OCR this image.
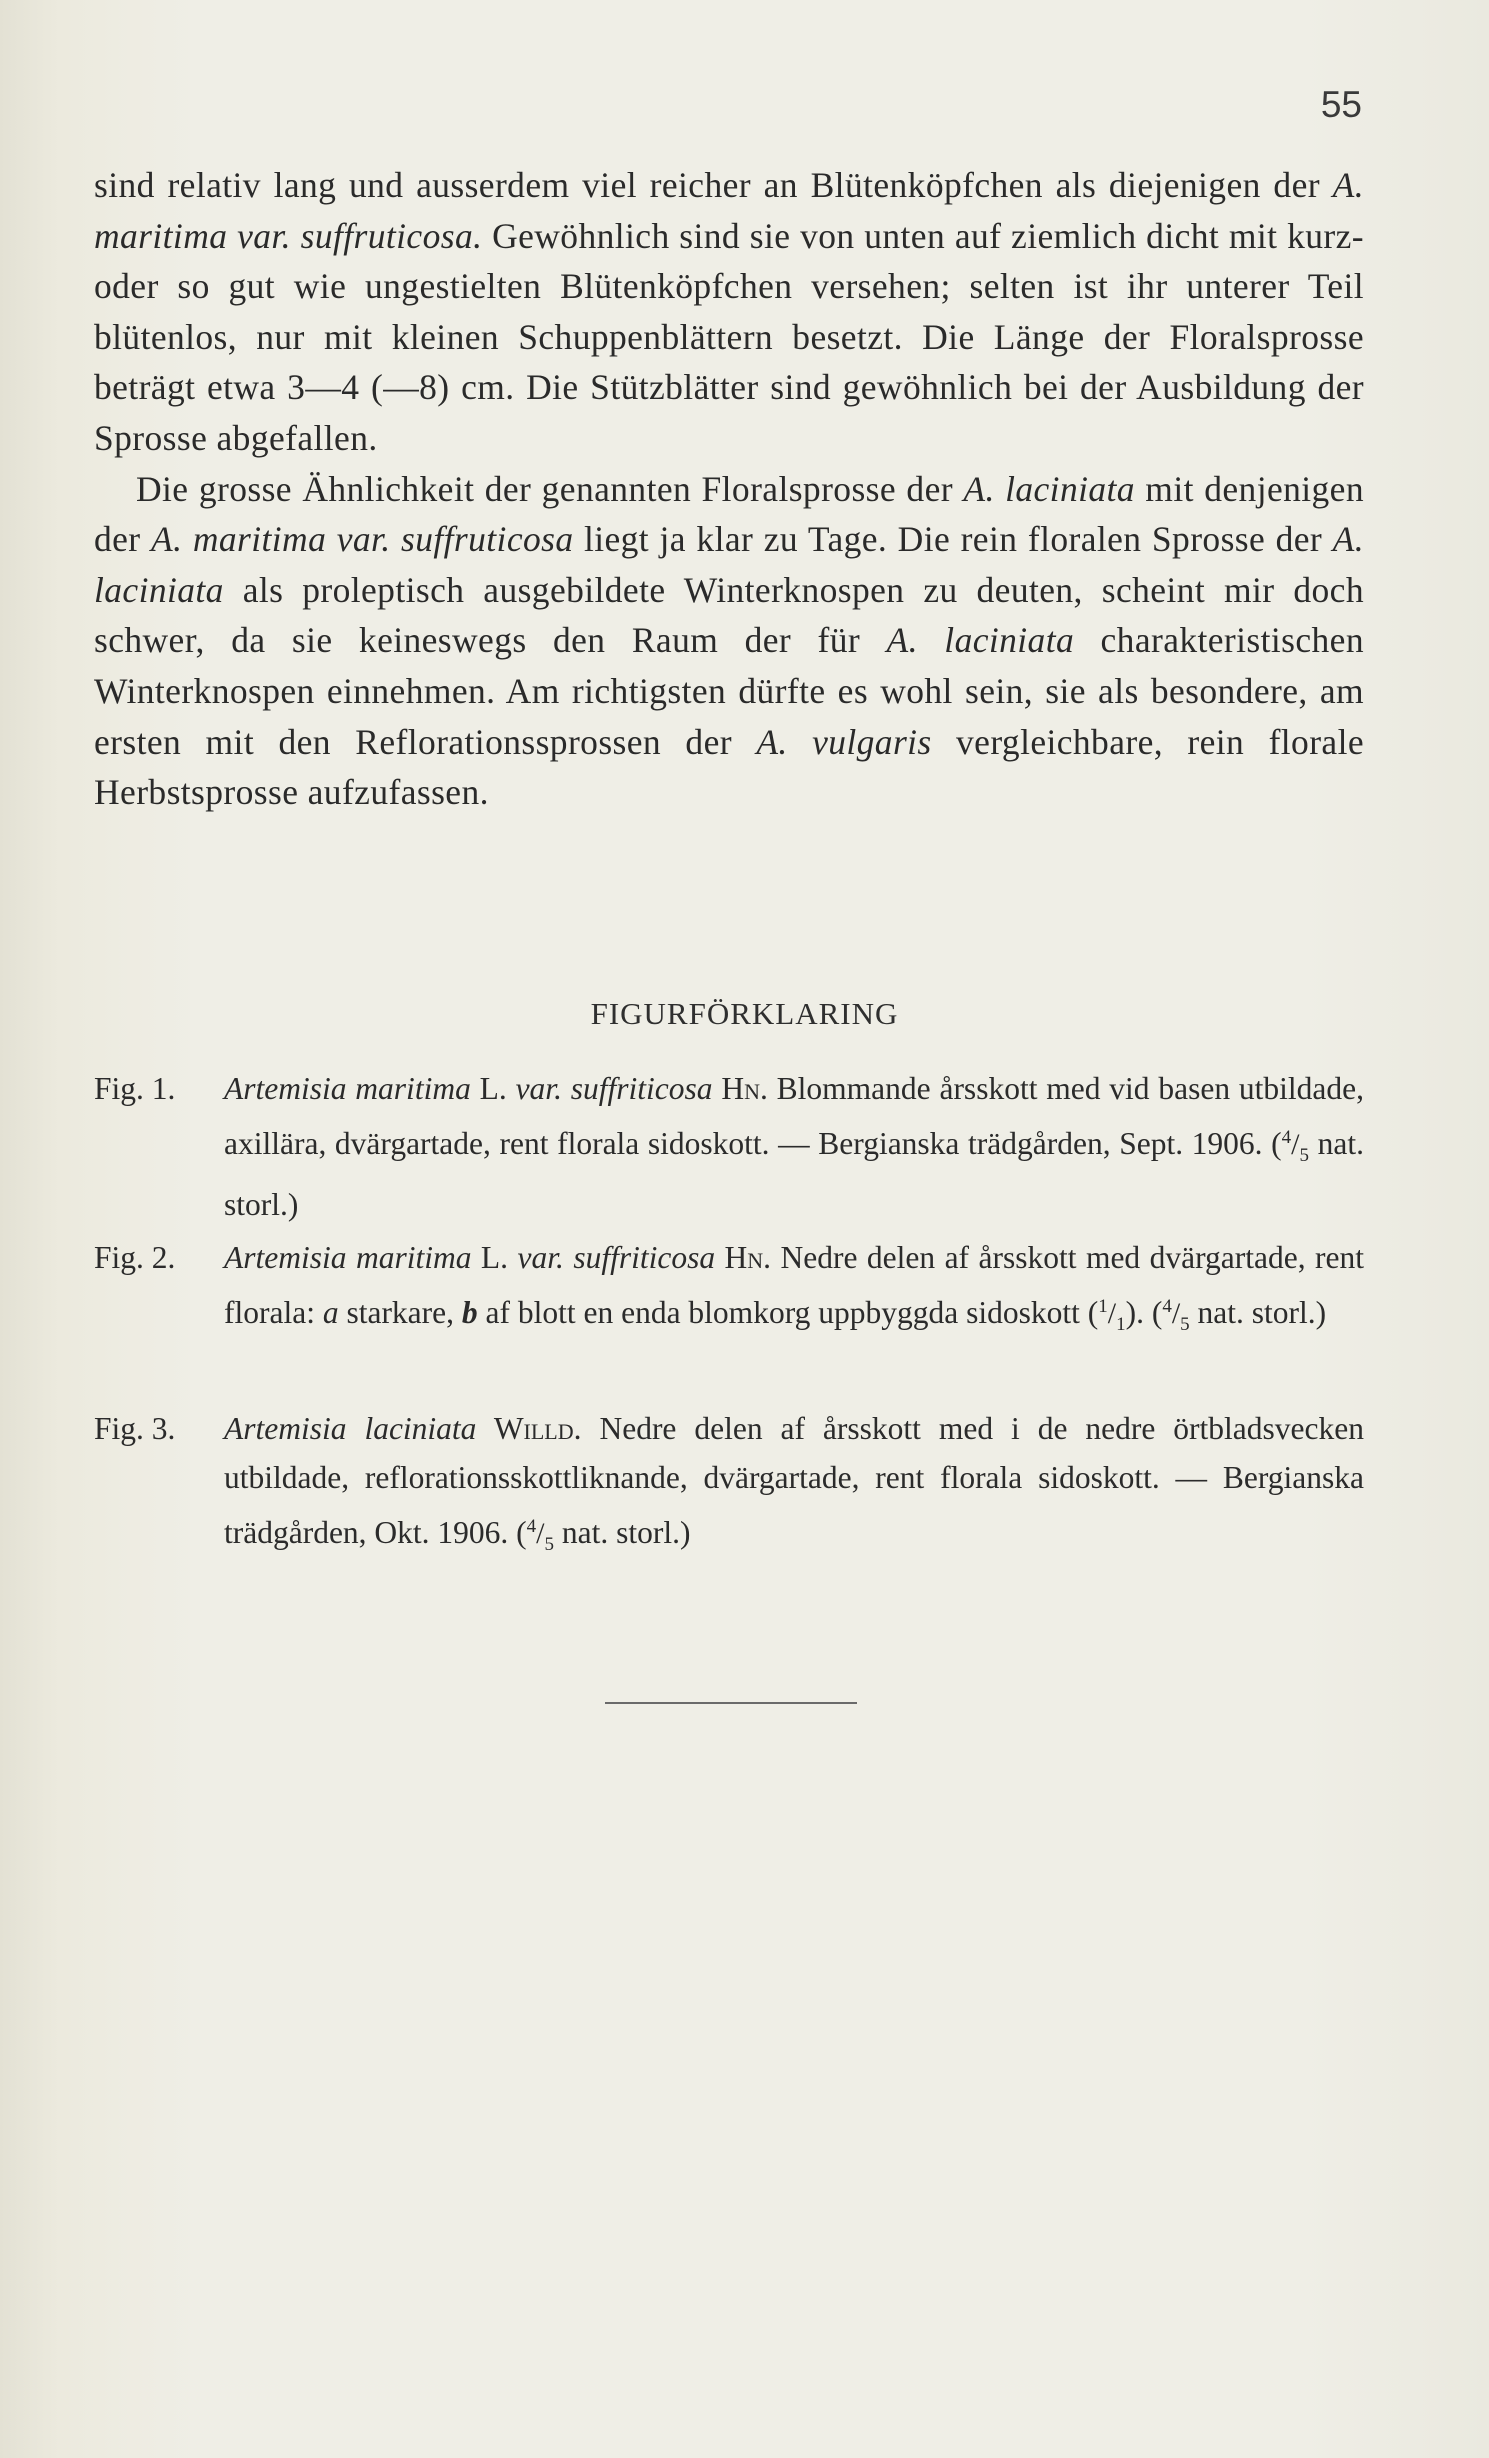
55

sind relativ lang und ausserdem viel reicher an Blütenköpfchen als diejenigen der A. maritima var. suffruticosa. Gewöhnlich sind sie von unten auf ziemlich dicht mit kurz- oder so gut wie ungestielten Blütenköpfchen versehen; selten ist ihr unterer Teil blütenlos, nur mit kleinen Schuppenblättern besetzt. Die Länge der Floralsprosse beträgt etwa 3—4 (—8) cm. Die Stützblätter sind gewöhnlich bei der Ausbildung der Sprosse abgefallen.

Die grosse Ähnlichkeit der genannten Floralsprosse der A. laciniata mit denjenigen der A. maritima var. suffruticosa liegt ja klar zu Tage. Die rein floralen Sprosse der A. laciniata als proleptisch ausgebildete Winterknospen zu deuten, scheint mir doch schwer, da sie keineswegs den Raum der für A. laciniata charakteristischen Winterknospen einnehmen. Am richtigsten dürfte es wohl sein, sie als besondere, am ersten mit den Reflorationssprossen der A. vulgaris vergleichbare, rein florale Herbstsprosse aufzufassen.

FIGURFÖRKLARING
Fig. 1. Artemisia maritima L. var. suffriticosa Hn. Blommande årsskott med vid basen utbildade, axillära, dvärgartade, rent florala sidoskott. — Bergianska trädgården, Sept. 1906. ($^4/_5$ nat. storl.)
Fig. 2. Artemisia maritima L. var. suffriticosa Hn. Nedre delen af årsskott med dvärgartade, rent florala: a starkare, b af blott en enda blomkorg uppbyggda sidoskott $(^1/_1)$. ($^4/_5$ nat. storl.)
Fig. 3. Artemisia laciniata Willd. Nedre delen af årsskott med i de nedre örtbladsvecken utbildade, reflorationsskottliknande, dvärgartade, rent florala sidoskott. — Bergianska trädgården, Okt. 1906. ($^4/_5$ nat. storl.)
